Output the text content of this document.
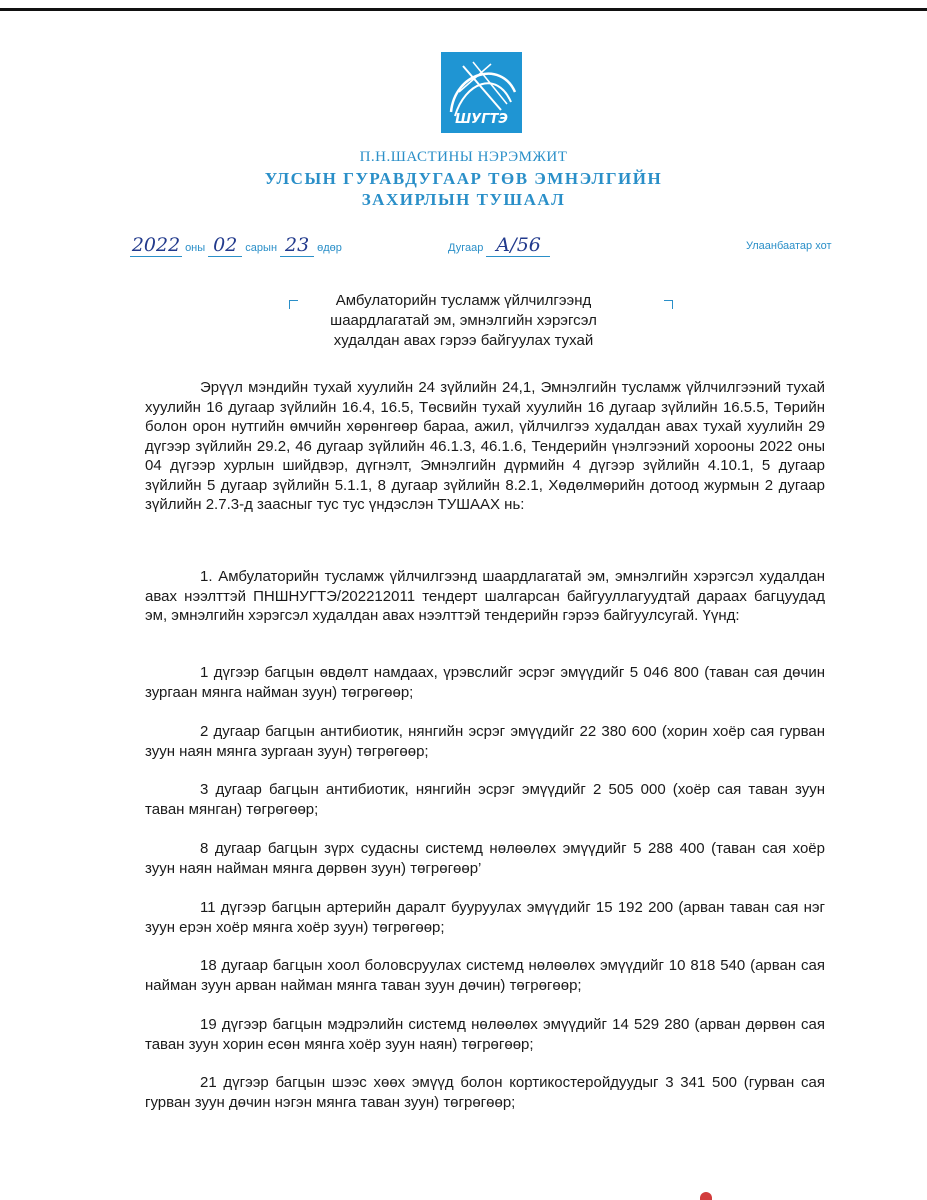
ШУГТЭ
П.Н.ШАСТИНЫ НЭРЭМЖИТ
УЛСЫН ГУРАВДУГААР ТӨВ ЭМНЭЛГИЙН
ЗАХИРЛЫН ТУШААЛ
2022 оны 02 сарын 23 өдөр	Дугаар А/56	Улаанбаатар хот
Амбулаторийн тусламж үйлчилгээнд
шаардлагатай эм, эмнэлгийн хэрэгсэл
худалдан авах гэрээ байгуулах тухай
Эрүүл мэндийн тухай хуулийн 24 зүйлийн 24,1, Эмнэлгийн тусламж үйлчилгээний тухай хуулийн 16 дугаар зүйлийн 16.4, 16.5, Төсвийн тухай хуулийн 16 дугаар зүйлийн 16.5.5, Төрийн болон орон нутгийн өмчийн хөрөнгөөр бараа, ажил, үйлчилгээ худалдан авах тухай хуулийн 29 дүгээр зүйлийн 29.2, 46 дугаар зүйлийн 46.1.3, 46.1.6, Тендерийн үнэлгээний хорооны 2022 оны 04 дүгээр хурлын шийдвэр, дүгнэлт, Эмнэлгийн дүрмийн 4 дүгээр зүйлийн 4.10.1, 5 дугаар зүйлийн 5 дугаар зүйлийн 5.1.1, 8 дугаар зүйлийн 8.2.1, Хөдөлмөрийн дотоод журмын 2 дугаар зүйлийн 2.7.3-д заасныг тус тус үндэслэн ТУШААХ нь:
1. Амбулаторийн тусламж үйлчилгээнд шаардлагатай эм, эмнэлгийн хэрэгсэл худалдан авах нээлттэй ПНШНУГТЭ/202212011 тендерт шалгарсан байгууллагуудтай дараах багцуудад эм, эмнэлгийн хэрэгсэл худалдан авах нээлттэй тендерийн гэрээ байгуулсугай. Үүнд:
1 дүгээр багцын өвдөлт намдаах, үрэвслийг эсрэг эмүүдийг 5 046 800 (таван сая дөчин зургаан мянга найман зуун) төгрөгөөр;
2 дугаар багцын антибиотик, нянгийн эсрэг эмүүдийг 22 380 600 (хорин хоёр сая гурван зуун наян мянга зургаан зуун) төгрөгөөр;
3 дугаар багцын антибиотик, нянгийн эсрэг эмүүдийг 2 505 000 (хоёр сая таван зуун таван мянган) төгрөгөөр;
8 дугаар багцын зүрх судасны системд нөлөөлөх эмүүдийг 5 288 400 (таван сая хоёр зуун наян найман мянга дөрвөн зуун) төгрөгөөр’
11 дүгээр багцын артерийн даралт бууруулах эмүүдийг 15 192 200 (арван таван сая нэг зуун ерэн хоёр мянга хоёр зуун) төгрөгөөр;
18 дугаар багцын хоол боловсруулах системд нөлөөлөх эмүүдийг 10 818 540 (арван сая найман зуун арван найман мянга таван зуун дөчин) төгрөгөөр;
19 дүгээр багцын мэдрэлийн системд нөлөөлөх эмүүдийг 14 529 280 (арван дөрвөн сая таван зуун хорин есөн мянга хоёр зуун наян) төгрөгөөр;
21 дүгээр багцын шээс хөөх эмүүд болон кортикостеройдуудыг 3 341 500 (гурван сая гурван зуун дөчин нэгэн мянга таван зуун) төгрөгөөр;
